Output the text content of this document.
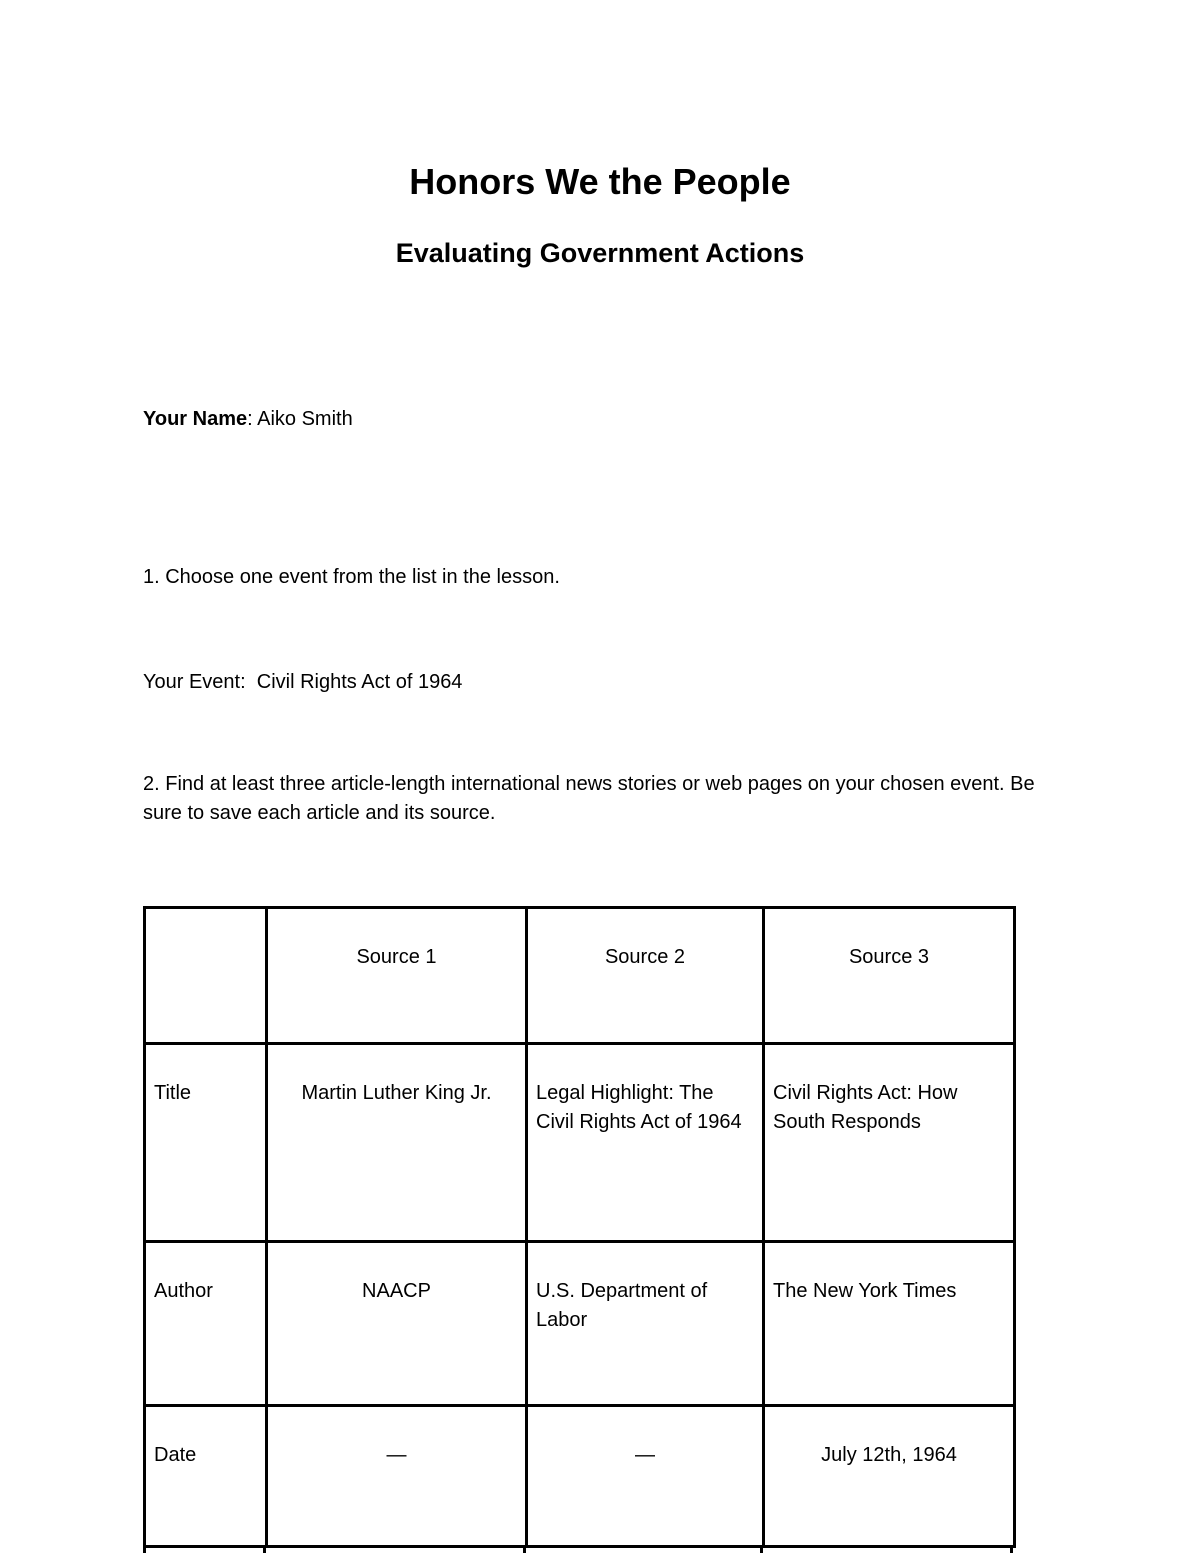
Honors We the People
Evaluating Government Actions

Your Name: Aiko Smith

1. Choose one event from the list in the lesson.

Your Event:  Civil Rights Act of 1964

2. Find at least three article-length international news stories or web pages on your chosen event. Be sure to save each article and its source.

	Source 1	Source 2	Source 3
Title	Martin Luther King Jr.	Legal Highlight: The Civil Rights Act of 1964	Civil Rights Act: How South Responds
Author	NAACP	U.S. Department of Labor	The New York Times
Date	—	—	July 12th, 1964
